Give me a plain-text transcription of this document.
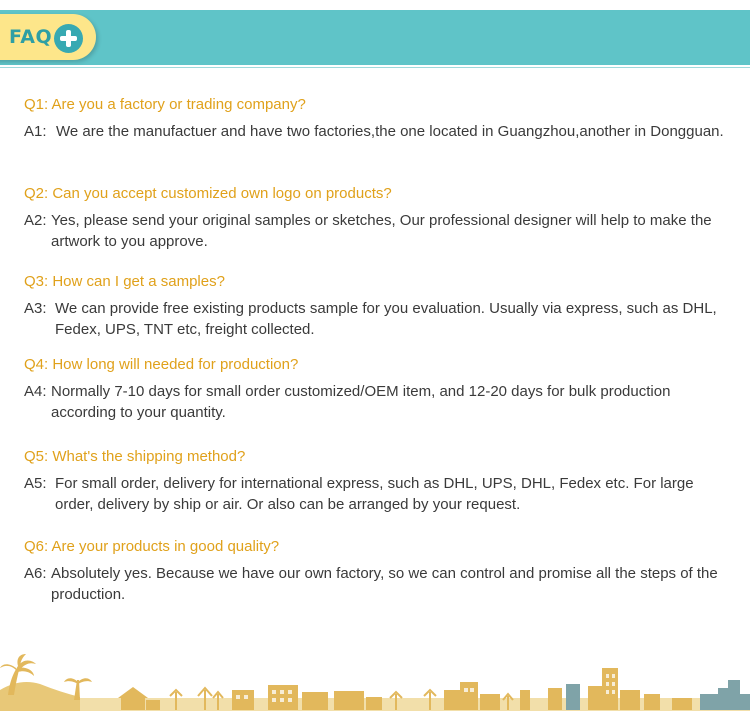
FAQ
Q1: Are you a factory or trading company?
A1: We are the manufactuer and have two factories,the one located in Guangzhou,another in Dongguan.
Q2: Can you accept customized own logo on products?
A2: Yes, please send your original samples or sketches, Our professional designer will help to make the artwork to you approve.
Q3: How can I get a samples?
A3: We can provide free existing products sample for you evaluation. Usually via express, such as DHL, Fedex, UPS, TNT etc, freight collected.
Q4: How long will needed for production?
A4: Normally 7-10 days for small order customized/OEM item, and 12-20 days for bulk production according to your quantity.
Q5: What's the shipping method?
A5: For small order, delivery for international express, such as DHL, UPS, DHL, Fedex etc. For large order, delivery by ship or air. Or also can be arranged by your request.
Q6: Are your products in good quality?
A6: Absolutely yes. Because we have our own factory, so we can control and promise all the steps of the production.
